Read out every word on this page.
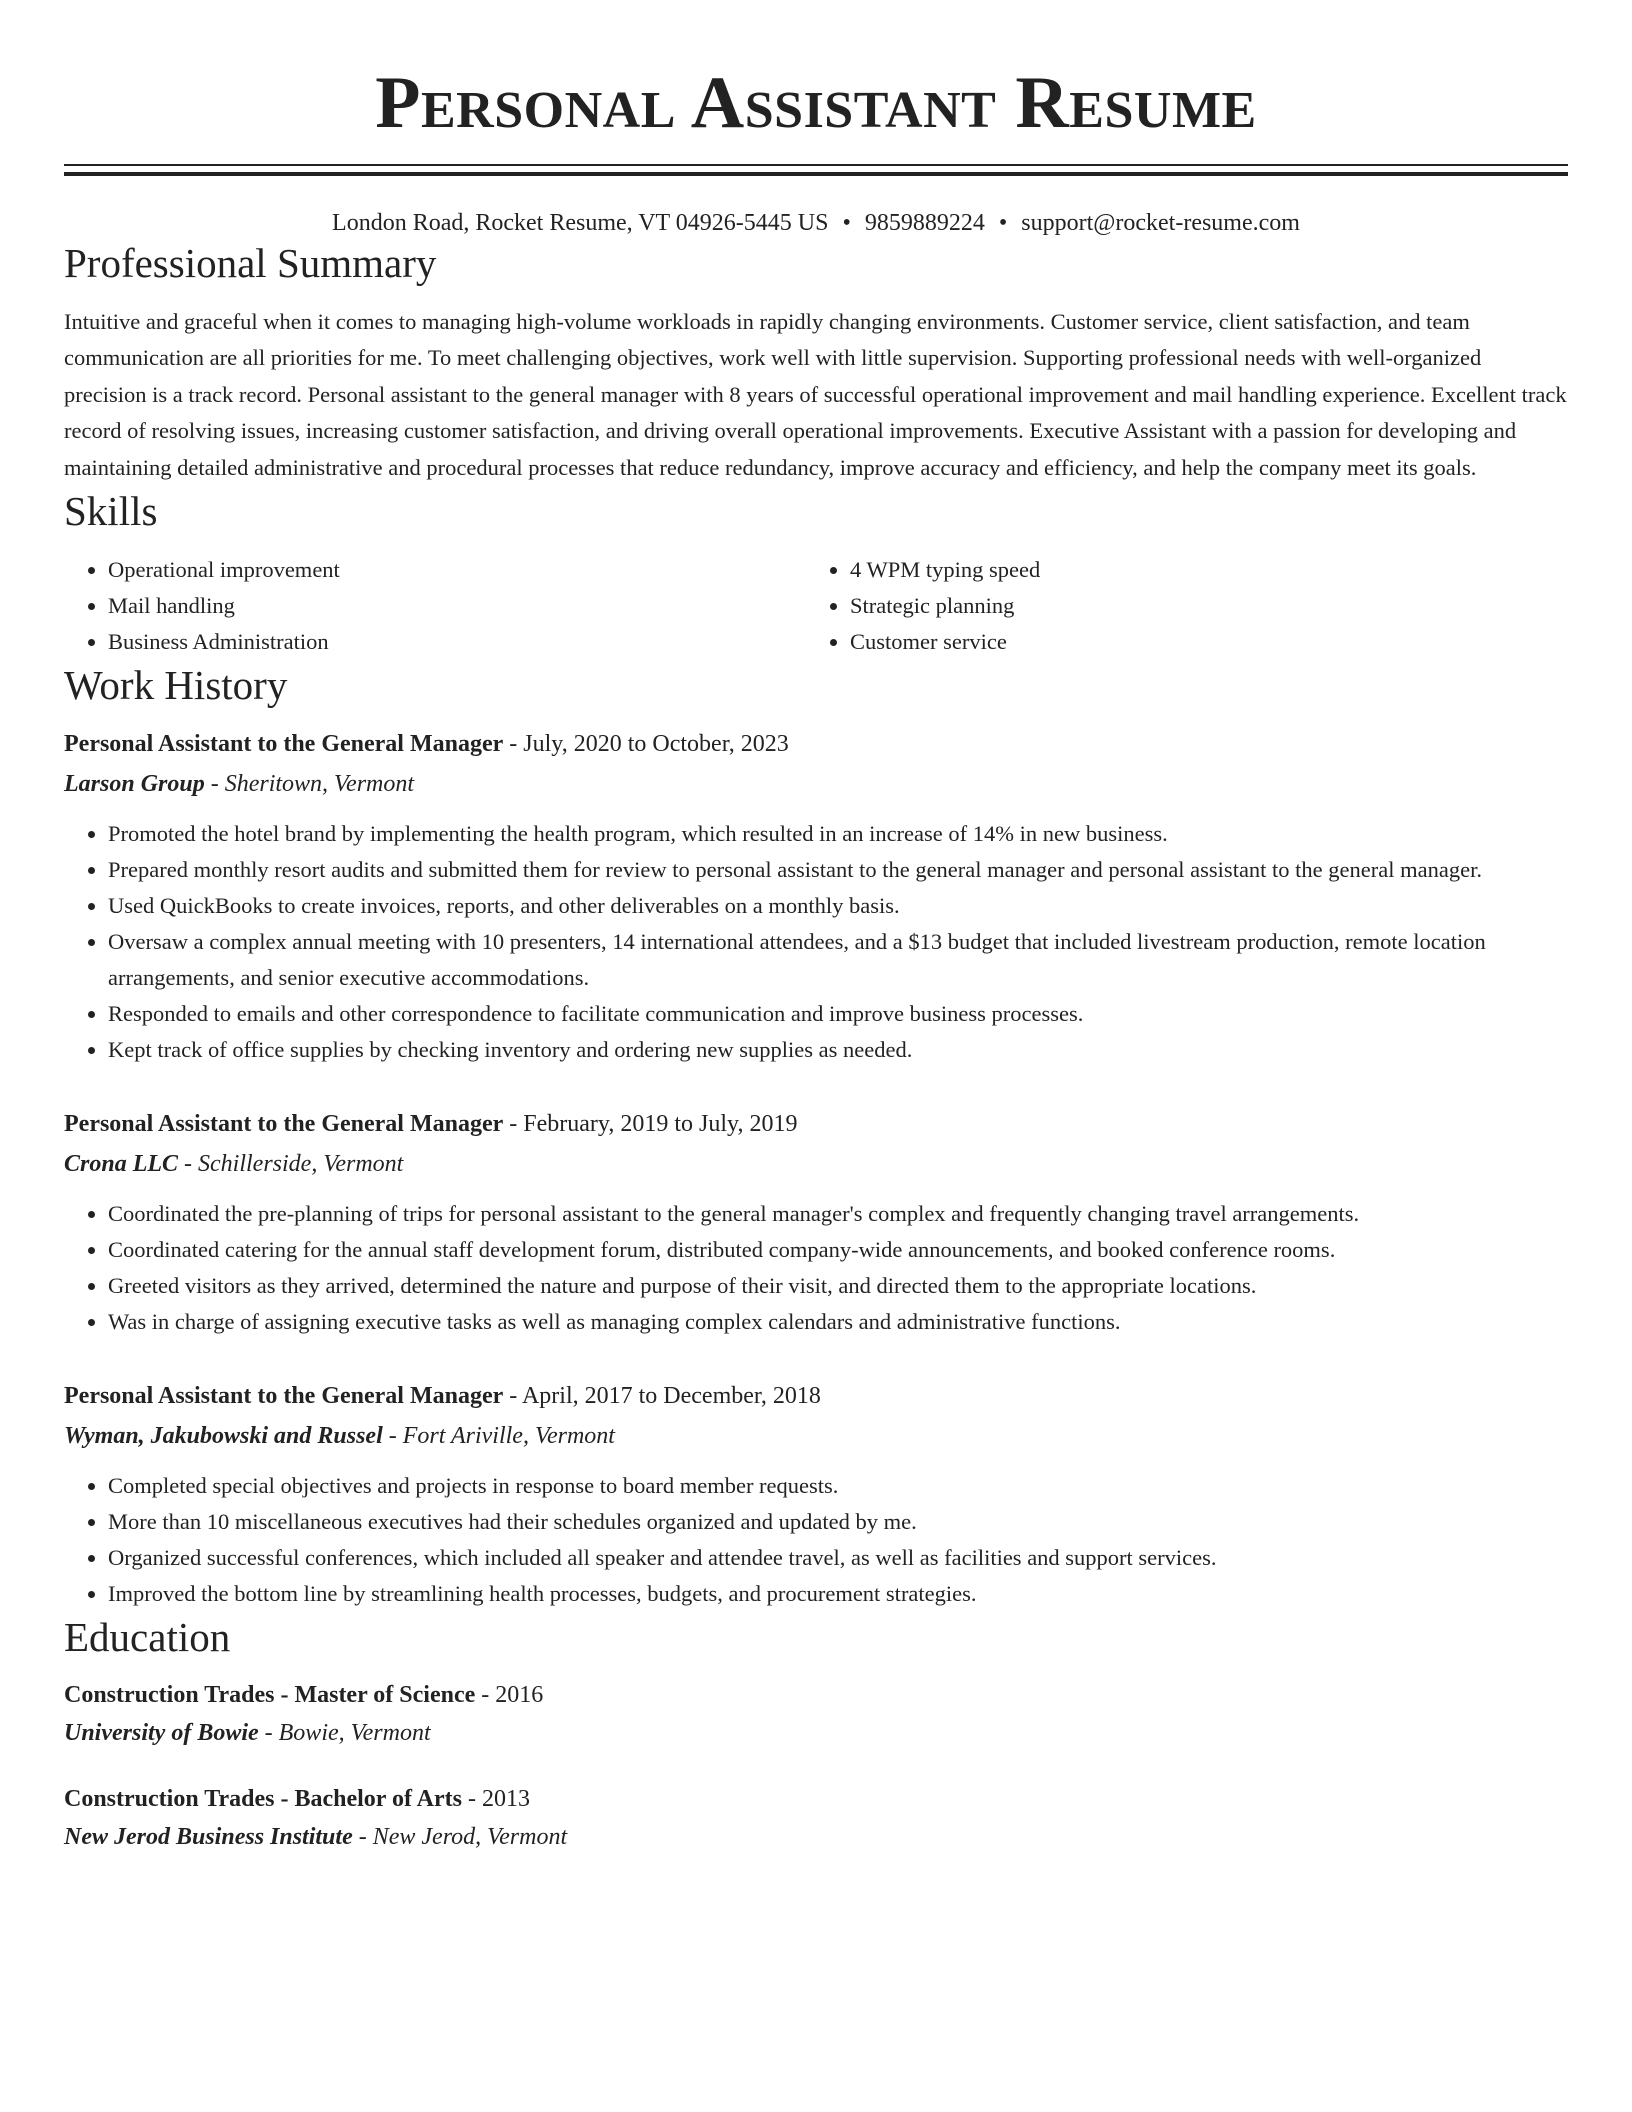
Personal Assistant Resume
London Road, Rocket Resume, VT 04926-5445 US • 9859889224 • support@rocket-resume.com
Professional Summary
Intuitive and graceful when it comes to managing high-volume workloads in rapidly changing environments. Customer service, client satisfaction, and team communication are all priorities for me. To meet challenging objectives, work well with little supervision. Supporting professional needs with well-organized precision is a track record. Personal assistant to the general manager with 8 years of successful operational improvement and mail handling experience. Excellent track record of resolving issues, increasing customer satisfaction, and driving overall operational improvements. Executive Assistant with a passion for developing and maintaining detailed administrative and procedural processes that reduce redundancy, improve accuracy and efficiency, and help the company meet its goals.
Skills
• Operational improvement
• Mail handling
• Business Administration
• 4 WPM typing speed
• Strategic planning
• Customer service
Work History
Personal Assistant to the General Manager - July, 2020 to October, 2023
Larson Group - Sheritown, Vermont
• Promoted the hotel brand by implementing the health program, which resulted in an increase of 14% in new business.
• Prepared monthly resort audits and submitted them for review to personal assistant to the general manager and personal assistant to the general manager.
• Used QuickBooks to create invoices, reports, and other deliverables on a monthly basis.
• Oversaw a complex annual meeting with 10 presenters, 14 international attendees, and a $13 budget that included livestream production, remote location arrangements, and senior executive accommodations.
• Responded to emails and other correspondence to facilitate communication and improve business processes.
• Kept track of office supplies by checking inventory and ordering new supplies as needed.
Personal Assistant to the General Manager - February, 2019 to July, 2019
Crona LLC - Schillerside, Vermont
• Coordinated the pre-planning of trips for personal assistant to the general manager's complex and frequently changing travel arrangements.
• Coordinated catering for the annual staff development forum, distributed company-wide announcements, and booked conference rooms.
• Greeted visitors as they arrived, determined the nature and purpose of their visit, and directed them to the appropriate locations.
• Was in charge of assigning executive tasks as well as managing complex calendars and administrative functions.
Personal Assistant to the General Manager - April, 2017 to December, 2018
Wyman, Jakubowski and Russel - Fort Ariville, Vermont
• Completed special objectives and projects in response to board member requests.
• More than 10 miscellaneous executives had their schedules organized and updated by me.
• Organized successful conferences, which included all speaker and attendee travel, as well as facilities and support services.
• Improved the bottom line by streamlining health processes, budgets, and procurement strategies.
Education
Construction Trades - Master of Science - 2016
University of Bowie - Bowie, Vermont
Construction Trades - Bachelor of Arts - 2013
New Jerod Business Institute - New Jerod, Vermont
